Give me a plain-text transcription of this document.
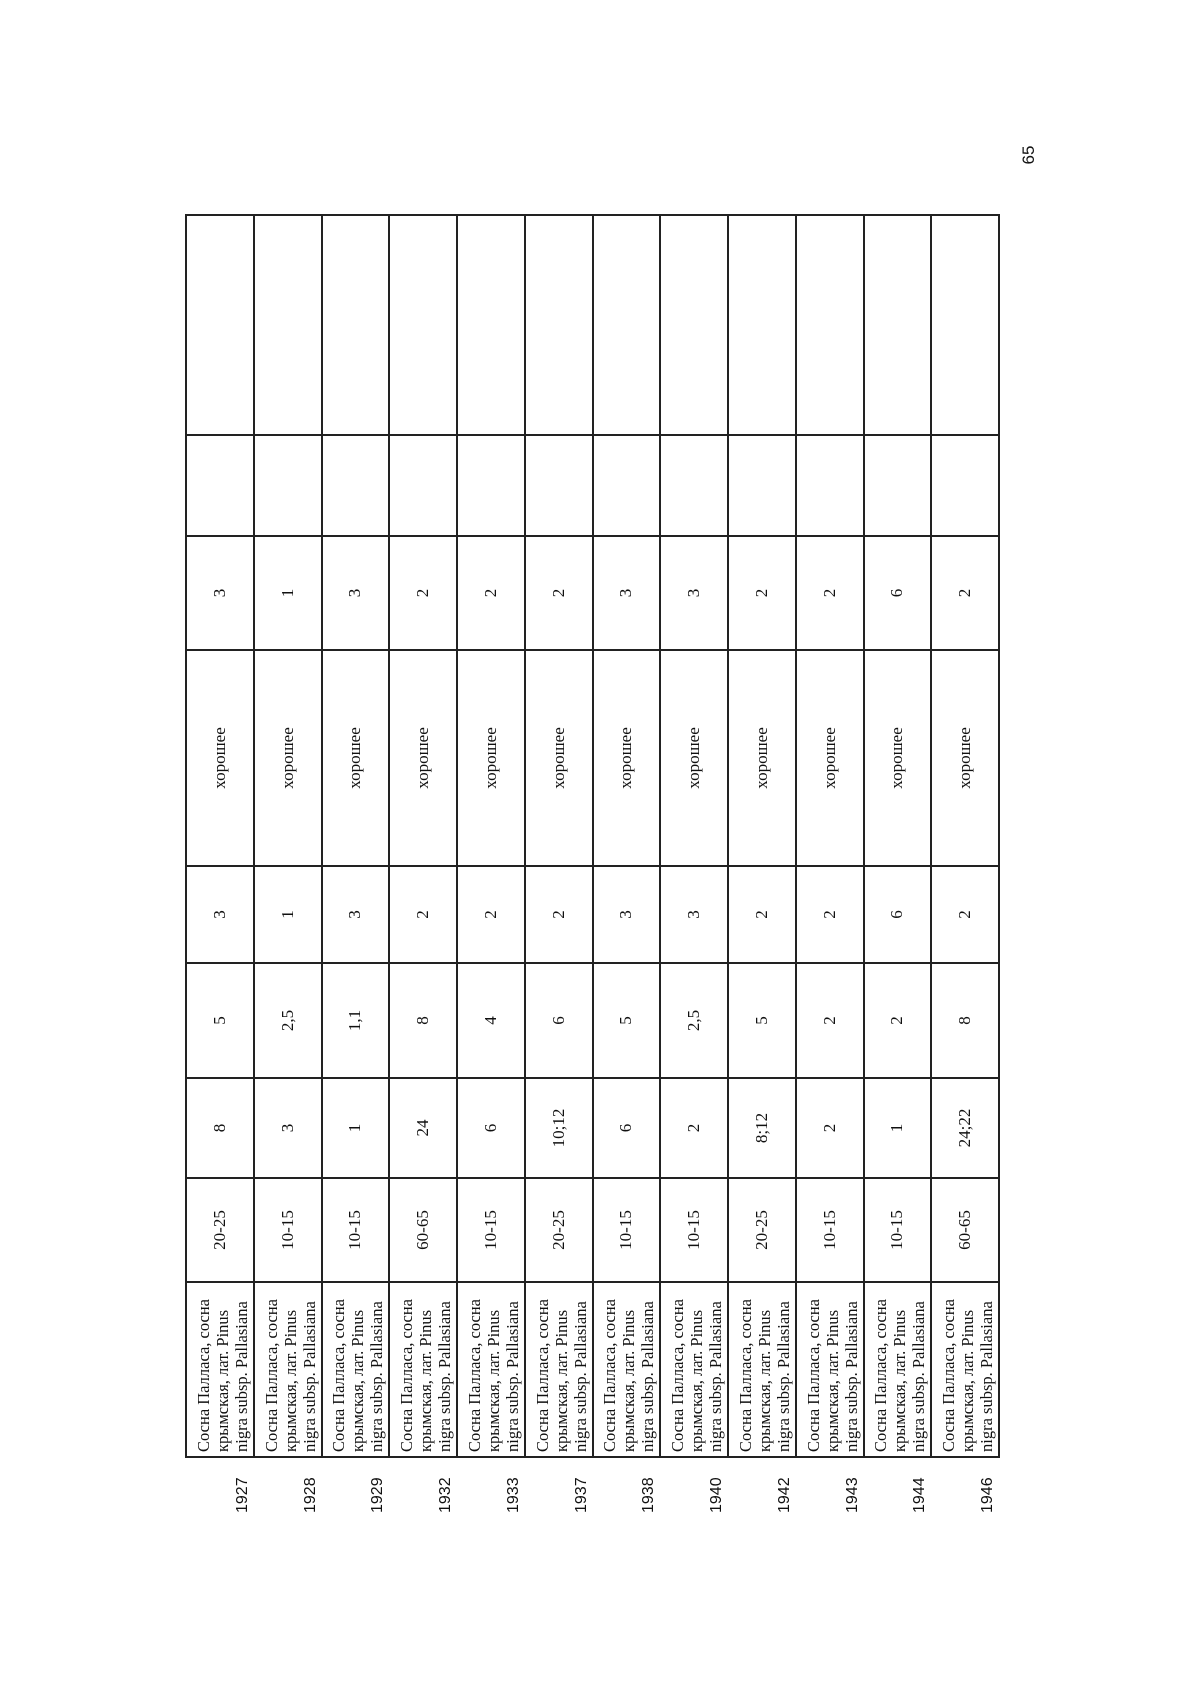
65
1927	Сосна Палласа, сосна крымская, лат. Pinus nigra subsp. Pallasiana	20-25	8	5	3	хорошее	3		
1928	Сосна Палласа, сосна крымская, лат. Pinus nigra subsp. Pallasiana	10-15	3	2,5	1	хорошее	1		
1929	Сосна Палласа, сосна крымская, лат. Pinus nigra subsp. Pallasiana	10-15	1	1,1	3	хорошее	3		
1932	Сосна Палласа, сосна крымская, лат. Pinus nigra subsp. Pallasiana	60-65	24	8	2	хорошее	2		
1933	Сосна Палласа, сосна крымская, лат. Pinus nigra subsp. Pallasiana	10-15	6	4	2	хорошее	2		
1937	Сосна Палласа, сосна крымская, лат. Pinus nigra subsp. Pallasiana	20-25	10;12	6	2	хорошее	2		
1938	Сосна Палласа, сосна крымская, лат. Pinus nigra subsp. Pallasiana	10-15	6	5	3	хорошее	3		
1940	Сосна Палласа, сосна крымская, лат. Pinus nigra subsp. Pallasiana	10-15	2	2,5	3	хорошее	3		
1942	Сосна Палласа, сосна крымская, лат. Pinus nigra subsp. Pallasiana	20-25	8;12	5	2	хорошее	2		
1943	Сосна Палласа, сосна крымская, лат. Pinus nigra subsp. Pallasiana	10-15	2	2	2	хорошее	2		
1944	Сосна Палласа, сосна крымская, лат. Pinus nigra subsp. Pallasiana	10-15	1	2	6	хорошее	6		
1946	Сосна Палласа, сосна крымская, лат. Pinus nigra subsp. Pallasiana	60-65	24;22	8	2	хорошее	2		
